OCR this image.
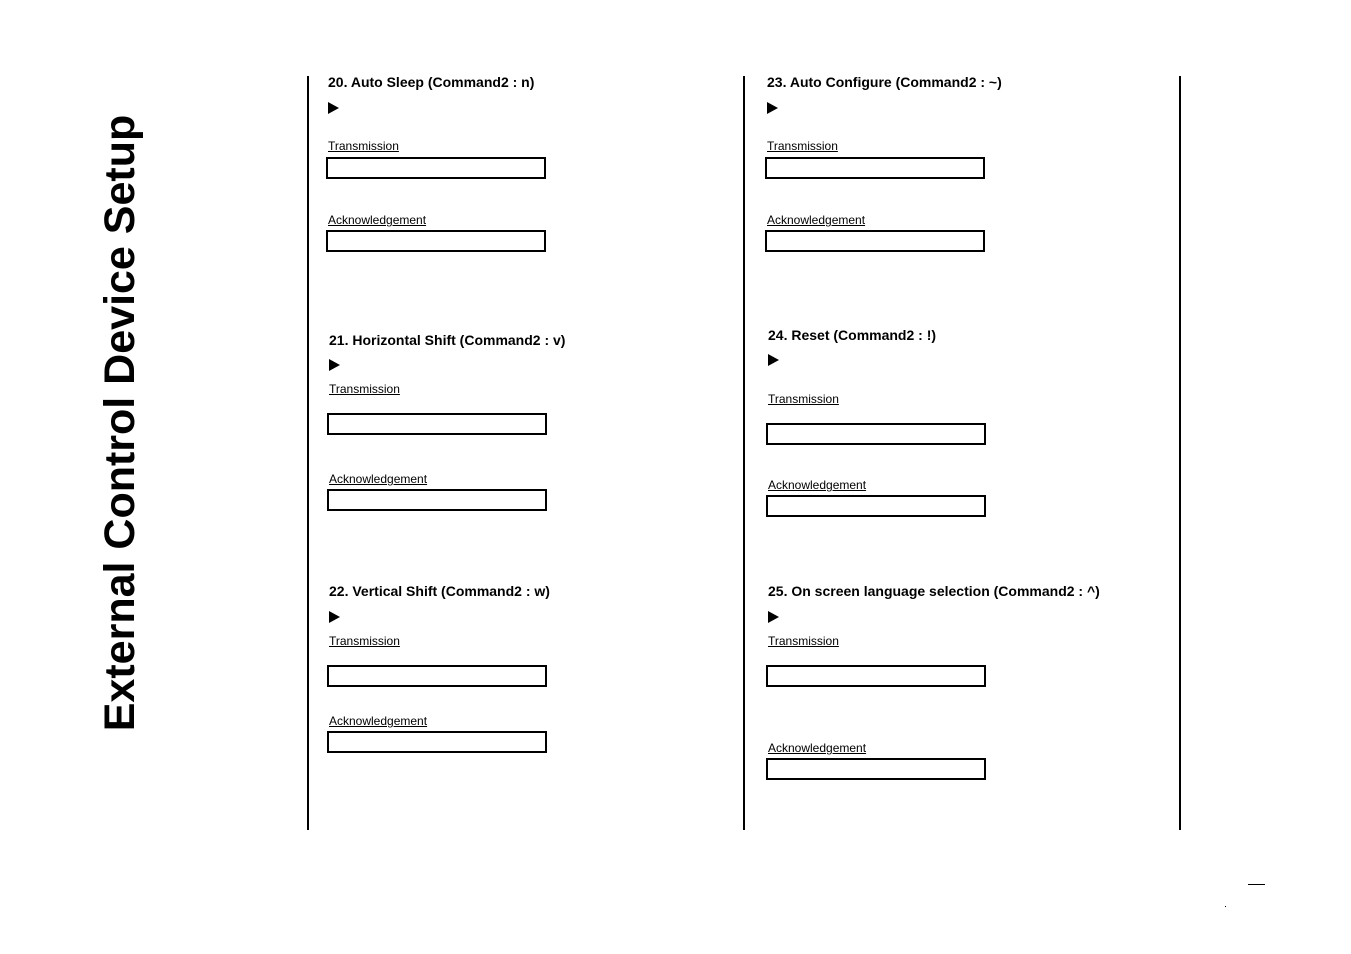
External Control Device Setup
20. Auto Sleep (Command2 : n)
Transmission
Acknowledgement
21. Horizontal Shift (Command2 : v)
Transmission
Acknowledgement
22. Vertical Shift (Command2 : w)
Transmission
Acknowledgement
23. Auto Configure (Command2 : ~)
Transmission
Acknowledgement
24. Reset (Command2 : !)
Transmission
Acknowledgement
25. On screen language selection (Command2 : ^)
Transmission
Acknowledgement
